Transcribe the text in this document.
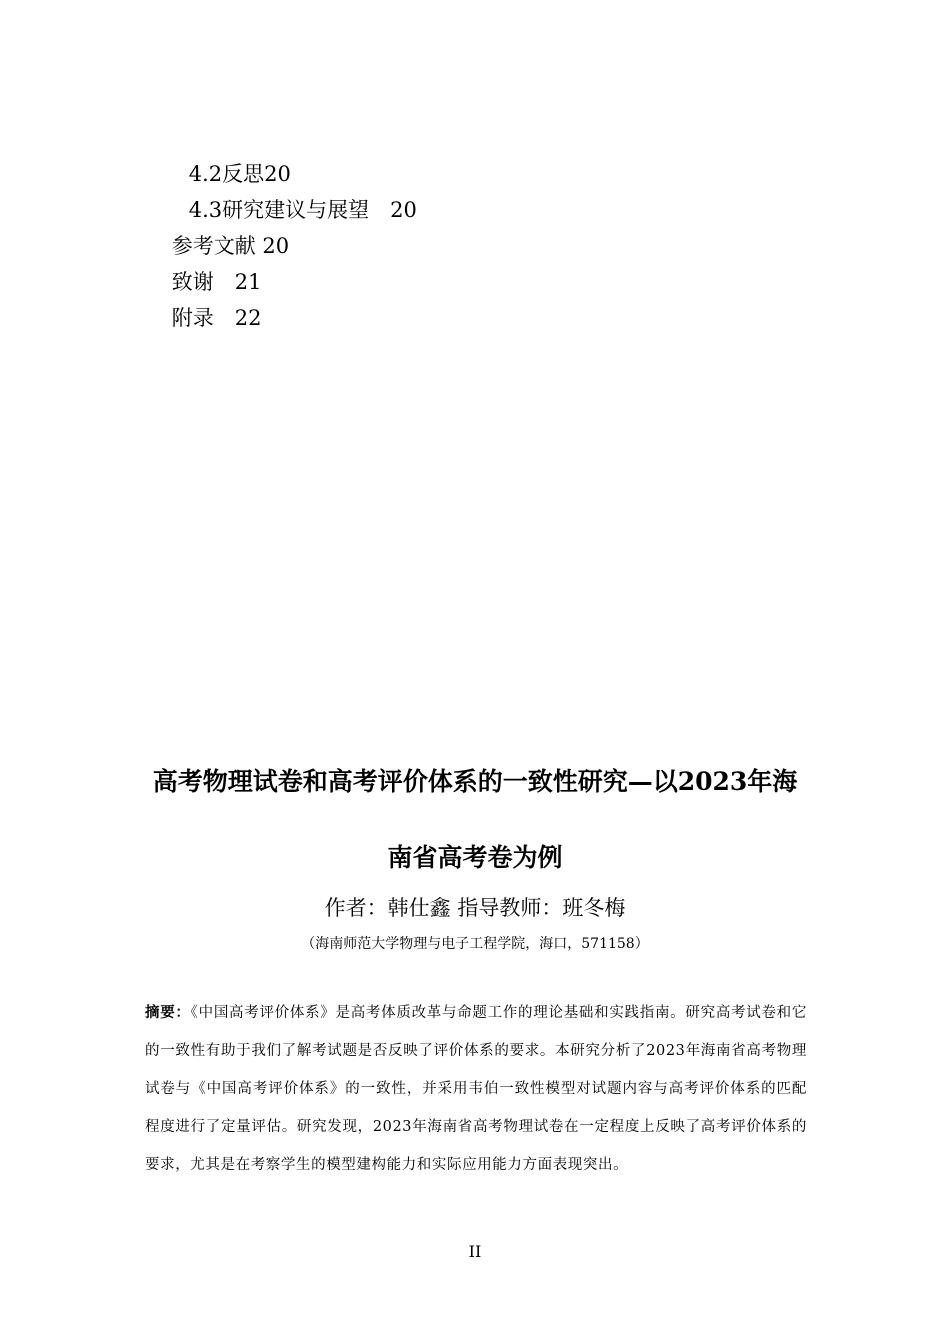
4.2反思20

4.3研究建议与展望　20

参考文献 20

致谢　21

附录　22

高考物理试卷和高考评价体系的一致性研究—以2023年海
南省高考卷为例
作者：韩仕鑫 指导教师：班冬梅
（海南师范大学物理与电子工程学院，海口，571158）
摘要：《中国高考评价体系》是高考体质改革与命题工作的理论基础和实践指南。研究高考试卷和它的一致性有助于我们了解考试题是否反映了评价体系的要求。本研究分析了2023年海南省高考物理试卷与《中国高考评价体系》的一致性，并采用韦伯一致性模型对试题内容与高考评价体系的匹配程度进行了定量评估。研究发现，2023年海南省高考物理试卷在一定程度上反映了高考评价体系的要求，尤其是在考察学生的模型建构能力和实际应用能力方面表现突出。
II
